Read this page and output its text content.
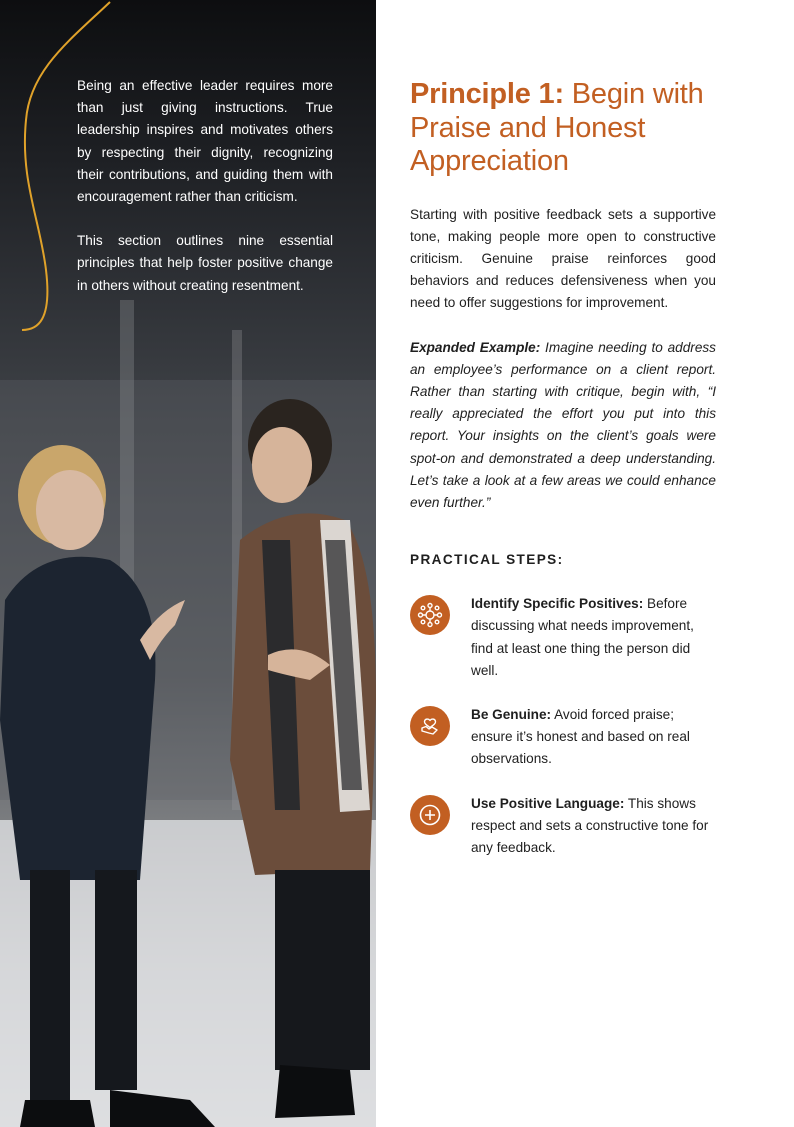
Being an effective leader requires more than just giving instructions. True leadership inspires and motivates others by respecting their dignity, recognizing their contributions, and guiding them with encouragement rather than criticism.

This section outlines nine essential principles that help foster positive change in others without creating resentment.

Principle 1: Begin with Praise and Honest Appreciation

Starting with positive feedback sets a supportive tone, making people more open to constructive criticism. Genuine praise reinforces good behaviors and reduces defensiveness when you need to offer suggestions for improvement.

Expanded Example: Imagine needing to address an employee’s performance on a client report. Rather than starting with critique, begin with, “I really appreciated the effort you put into this report. Your insights on the client’s goals were spot-on and demonstrated a deep understanding. Let’s take a look at a few areas we could enhance even further.”

PRACTICAL STEPS:
Identify Specific Positives: Before discussing what needs improvement, find at least one thing the person did well.
Be Genuine: Avoid forced praise; ensure it’s honest and based on real observations.
Use Positive Language: This shows respect and sets a constructive tone for any feedback.
